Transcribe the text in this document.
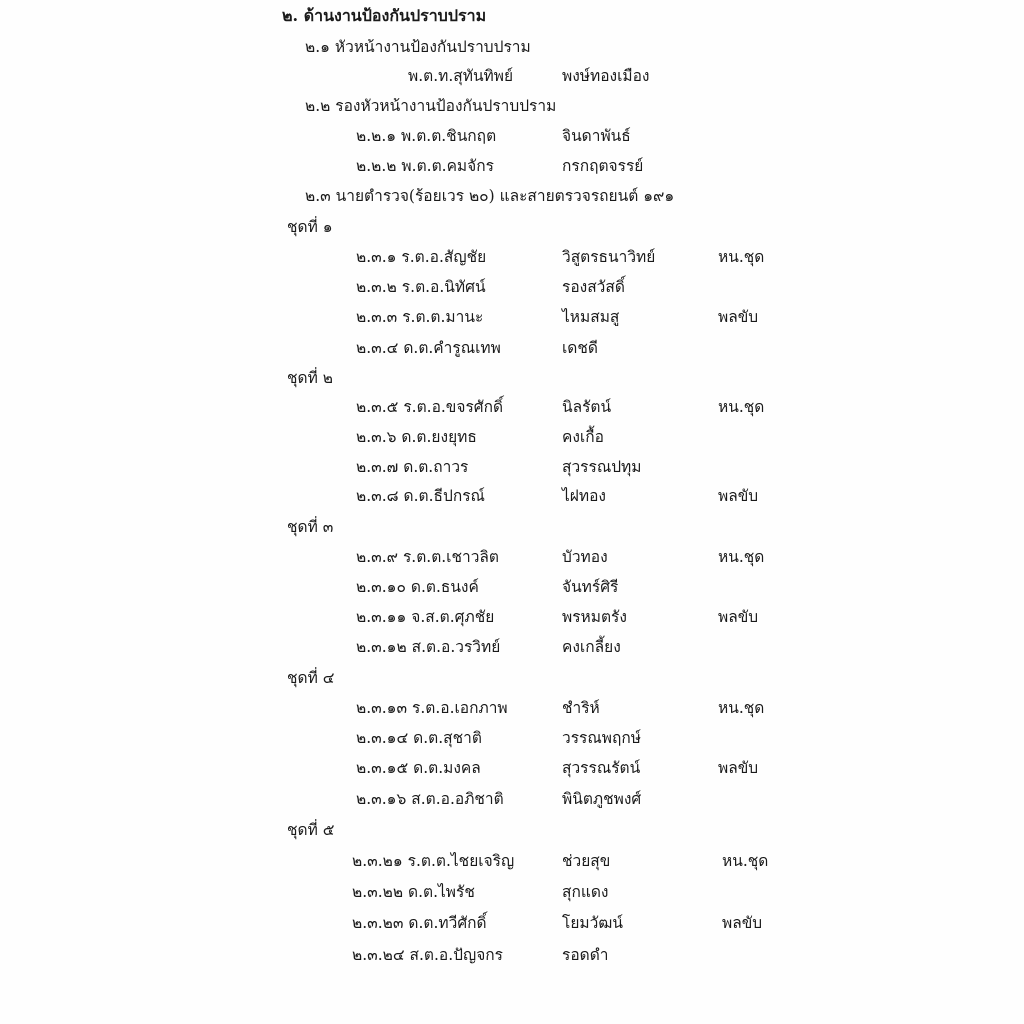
๒. ด้านงานป้องกันปราบปราม
๒.๑ หัวหน้างานป้องกันปราบปราม
พ.ต.ท.สุทันทิพย์	พงษ์ทองเมือง
๒.๒ รองหัวหน้างานป้องกันปราบปราม
๒.๒.๑ พ.ต.ต.ชินกฤต	จินดาพันธ์
๒.๒.๒ พ.ต.ต.คมจักร	กรกฤตจรรย์
๒.๓ นายตำรวจ(ร้อยเวร ๒๐) และสายตรวจรถยนต์ ๑๙๑
ชุดที่ ๑
๒.๓.๑ ร.ต.อ.สัญชัย	วิสูตรธนาวิทย์	หน.ชุด
๒.๓.๒ ร.ต.อ.นิทัศน์	รองสวัสดิ์
๒.๓.๓ ร.ต.ต.มานะ	ไหมสมสู	พลขับ
๒.๓.๔ ด.ต.คำรูณเทพ	เดชดี
ชุดที่ ๒
๒.๓.๕ ร.ต.อ.ขจรศักดิ์	นิลรัตน์	หน.ชุด
๒.๓.๖ ด.ต.ยงยุทธ	คงเกื้อ
๒.๓.๗ ด.ต.ถาวร	สุวรรณปทุม
๒.๓.๘ ด.ต.ธีปกรณ์	ไฝทอง	พลขับ
ชุดที่ ๓
๒.๓.๙ ร.ต.ต.เชาวลิต	บัวทอง	หน.ชุด
๒.๓.๑๐ ด.ต.ธนงค์	จันทร์ศิรี
๒.๓.๑๑ จ.ส.ต.ศุภชัย	พรหมตรัง	พลขับ
๒.๓.๑๒ ส.ต.อ.วรวิทย์	คงเกลี้ยง
ชุดที่ ๔
๒.๓.๑๓ ร.ต.อ.เอกภาพ	ชำริห์	หน.ชุด
๒.๓.๑๔ ด.ต.สุชาติ	วรรณพฤกษ์
๒.๓.๑๕ ด.ต.มงคล	สุวรรณรัตน์	พลขับ
๒.๓.๑๖ ส.ต.อ.อภิชาติ	พินิตภูชพงศ์
ชุดที่ ๕
๒.๓.๒๑ ร.ต.ต.ไชยเจริญ	ช่วยสุข	หน.ชุด
๒.๓.๒๒ ด.ต.ไพรัช	สุกแดง
๒.๓.๒๓ ด.ต.ทวีศักดิ์	โยมวัฒน์	พลขับ
๒.๓.๒๔ ส.ต.อ.ปัญจกร	รอดดำ
